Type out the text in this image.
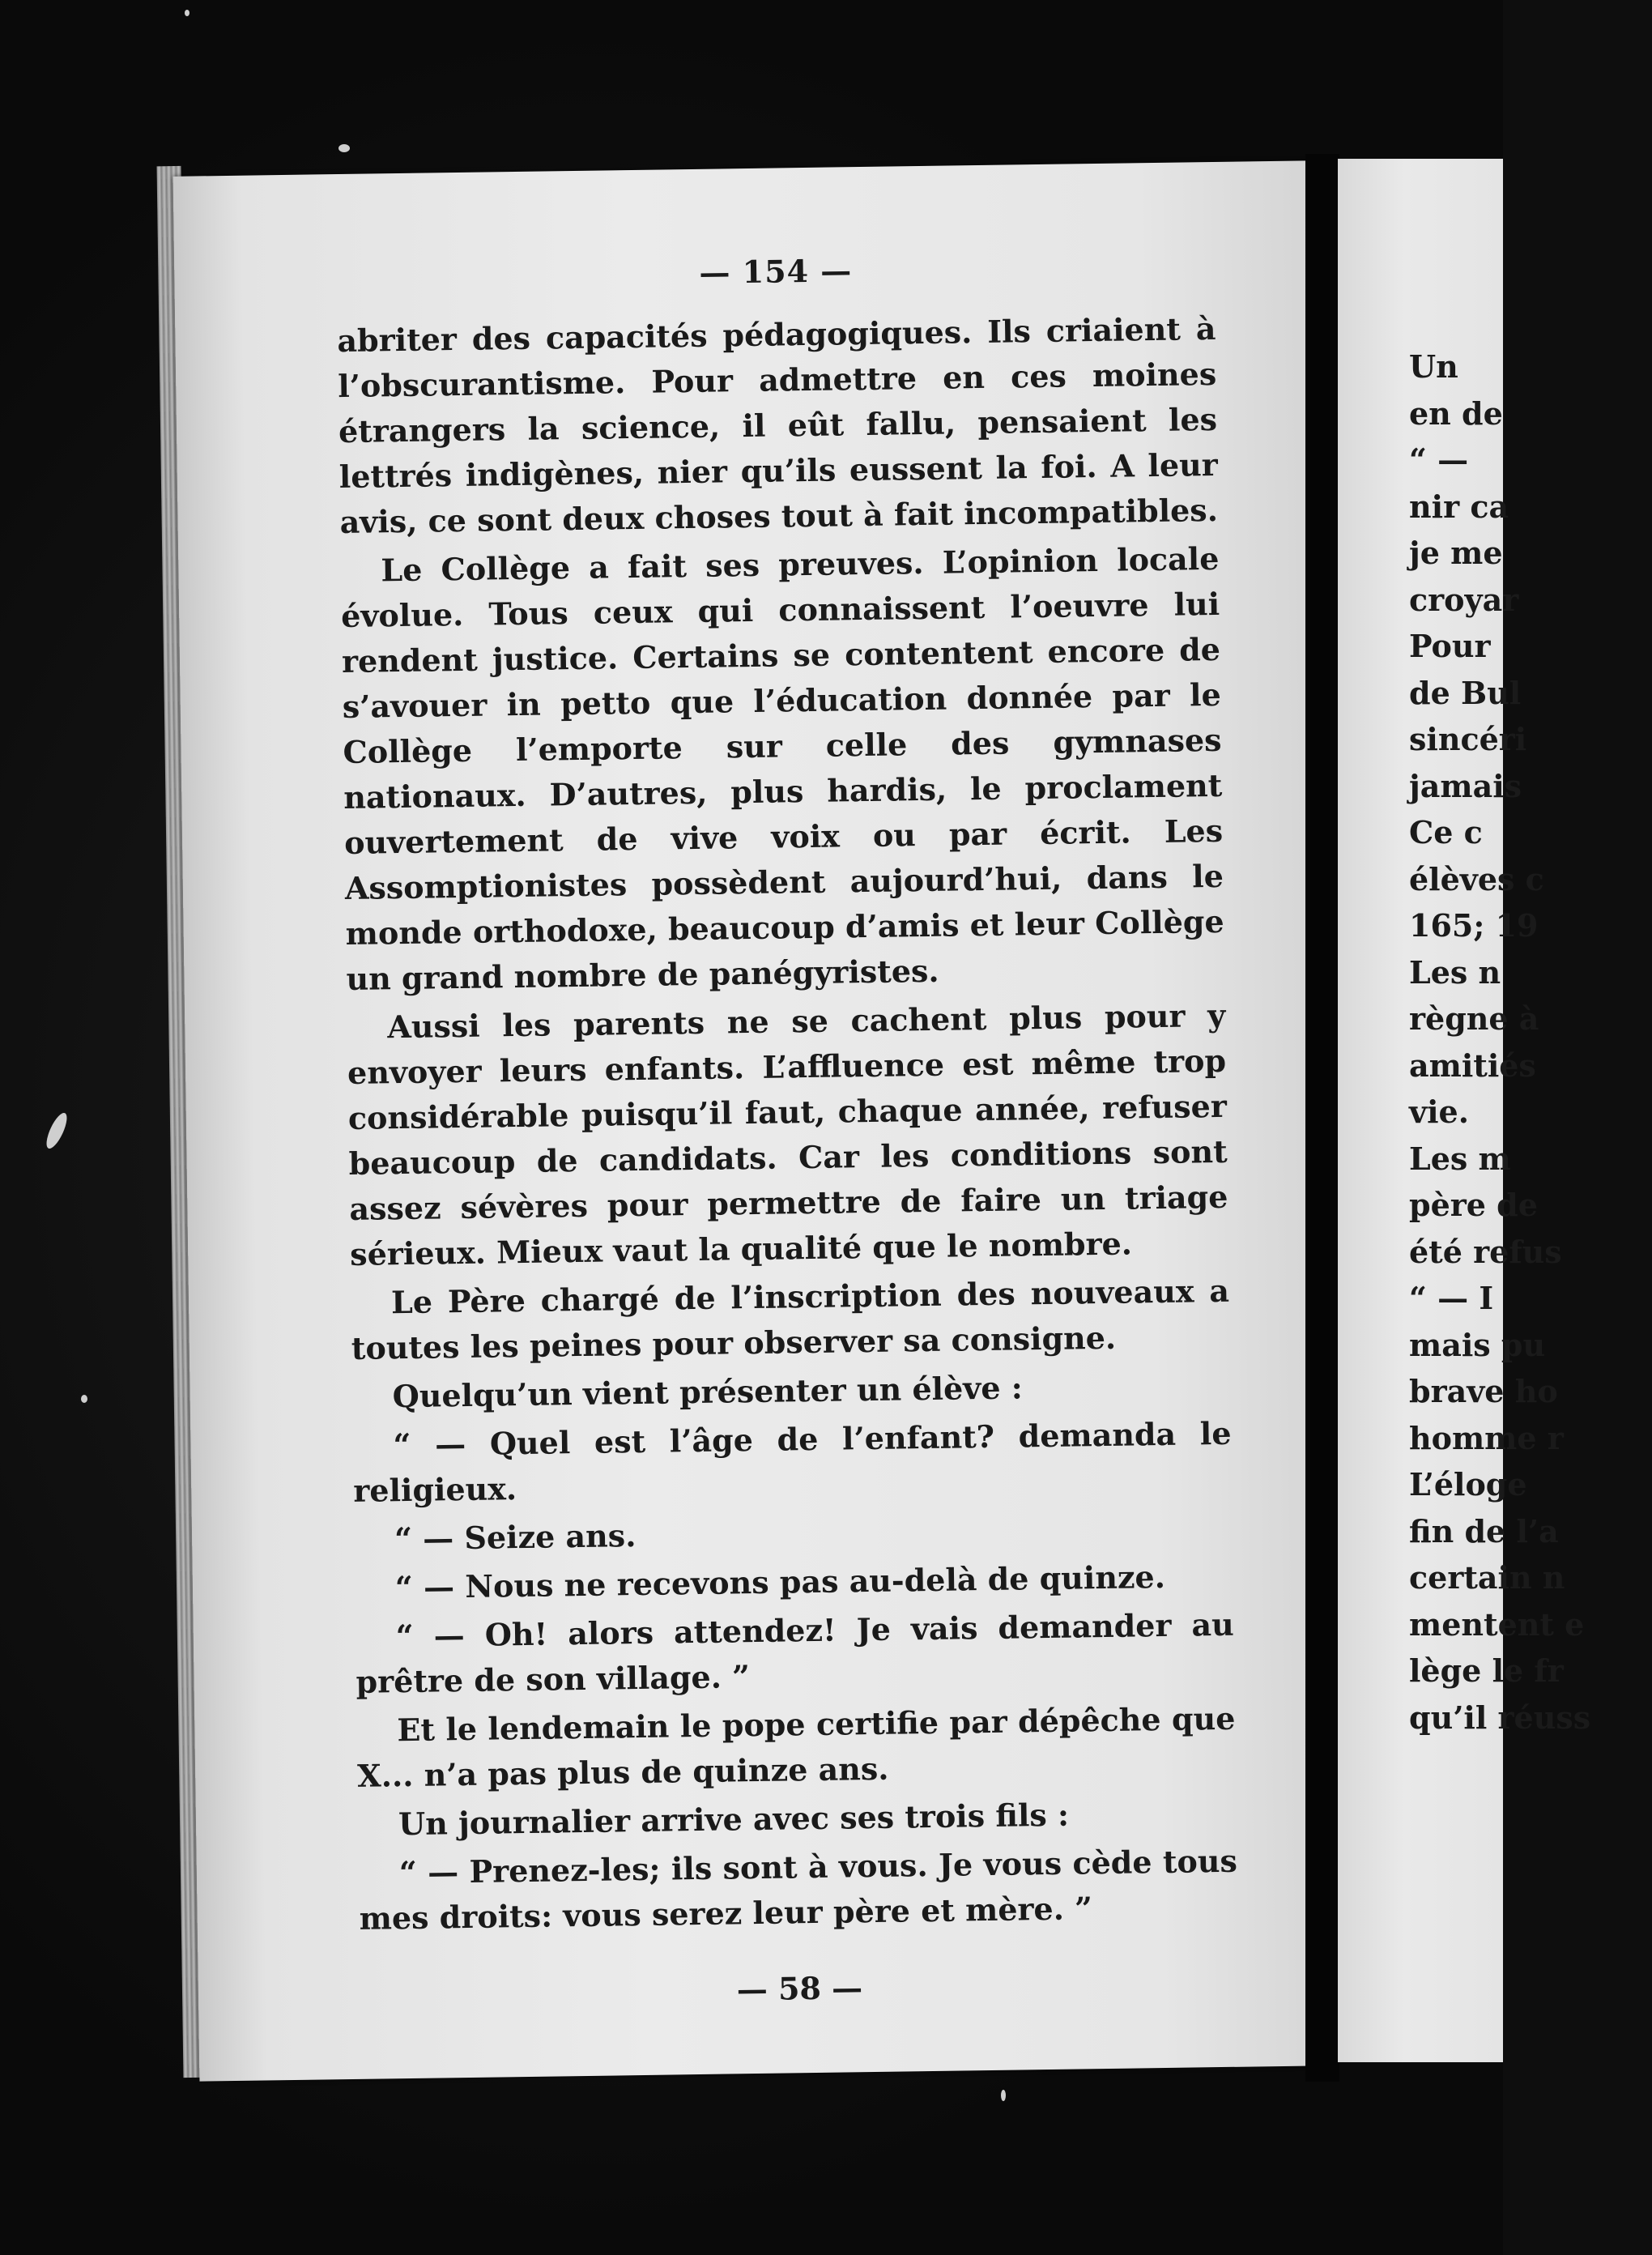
— 154 —

abriter des capacités pédagogiques. Ils criaient à l’obscurantisme. Pour admettre en ces moines étrangers la science, il eût fallu, pensaient les lettrés indigènes, nier qu’ils eussent la foi. A leur avis, ce sont deux choses tout à fait incompatibles.

Le Collège a fait ses preuves. L’opinion locale évolue. Tous ceux qui connaissent l’oeuvre lui rendent justice. Certains se contentent encore de s’avouer in petto que l’éducation donnée par le Collège l’emporte sur celle des gymnases nationaux. D’autres, plus hardis, le proclament ouvertement de vive voix ou par écrit. Les Assomptionistes possèdent aujourd’hui, dans le monde orthodoxe, beaucoup d’amis et leur Collège un grand nombre de panégyristes.

Aussi les parents ne se cachent plus pour y envoyer leurs enfants. L’affluence est même trop considérable puisqu’il faut, chaque année, refuser beaucoup de candidats. Car les conditions sont assez sévères pour permettre de faire un triage sérieux. Mieux vaut la qualité que le nombre.

Le Père chargé de l’inscription des nouveaux a toutes les peines pour observer sa consigne.

Quelqu’un vient présenter un élève :

“ — Quel est l’âge de l’enfant? demanda le religieux.

“ — Seize ans.

“ — Nous ne recevons pas au-delà de quinze.

“ — Oh! alors attendez! Je vais demander au prêtre de son village. ”

Et le lendemain le pope certifie par dépêche que X... n’a pas plus de quinze ans.

Un journalier arrive avec ses trois fils :

“ — Prenez-les; ils sont à vous. Je vous cède tous mes droits: vous serez leur père et mère. ”

— 58 —
Un
en de
“ —
nir ca
je me
croyar
Pour
de Bul
sincéri
jamais
Ce c
élèves c
165; 19
Les n
règne à
amitiés
vie.
Les m
père de
été refus
“ — I
mais pu
brave ho
homme r
L’éloge
fin de l’a
certain n
mentent e
lège le fr
qu’il réuss
